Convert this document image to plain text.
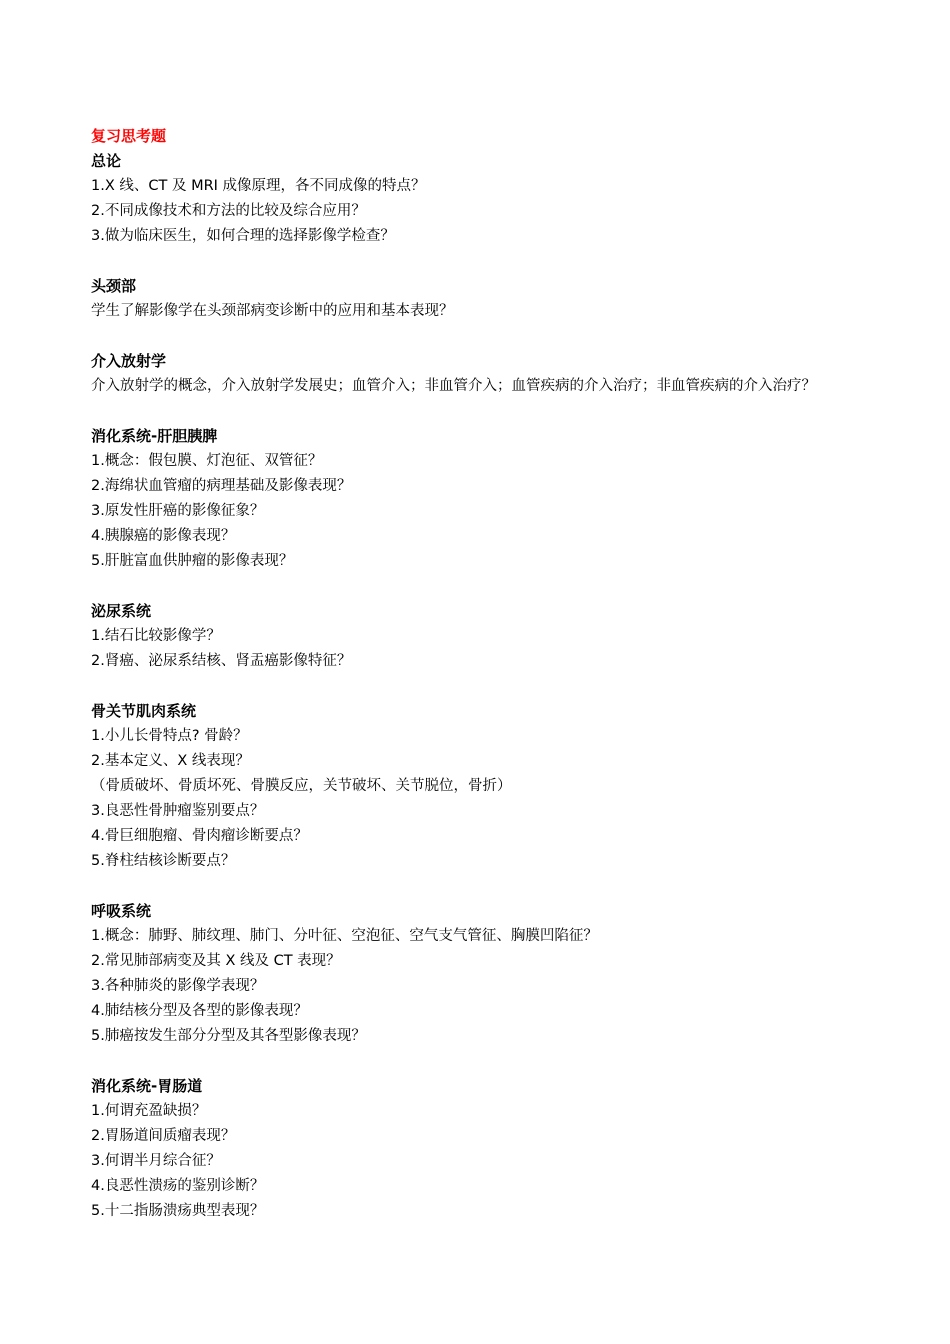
复习思考题
总论
1.X 线、CT 及 MRI 成像原理，各不同成像的特点？
2.不同成像技术和方法的比较及综合应用？
3.做为临床医生，如何合理的选择影像学检查？
头颈部
学生了解影像学在头颈部病变诊断中的应用和基本表现？
介入放射学
介入放射学的概念，介入放射学发展史；血管介入；非血管介入；血管疾病的介入治疗；非血管疾病的介入治疗？
消化系统-肝胆胰脾
1.概念：假包膜、灯泡征、双管征？
2.海绵状血管瘤的病理基础及影像表现？
3.原发性肝癌的影像征象？
4.胰腺癌的影像表现？
5.肝脏富血供肿瘤的影像表现？
泌尿系统
1.结石比较影像学？
2.肾癌、泌尿系结核、肾盂癌影像特征？
骨关节肌肉系统
1.小儿长骨特点? 骨龄？
2.基本定义、X 线表现？
（骨质破坏、骨质坏死、骨膜反应，关节破坏、关节脱位，骨折）
3.良恶性骨肿瘤鉴别要点？
4.骨巨细胞瘤、骨肉瘤诊断要点？
5.脊柱结核诊断要点？
呼吸系统
1.概念：肺野、肺纹理、肺门、分叶征、空泡征、空气支气管征、胸膜凹陷征？
2.常见肺部病变及其 X 线及 CT 表现？
3.各种肺炎的影像学表现？
4.肺结核分型及各型的影像表现？
5.肺癌按发生部分分型及其各型影像表现？
消化系统-胃肠道
1.何谓充盈缺损？
2.胃肠道间质瘤表现？
3.何谓半月综合征？
4.良恶性溃疡的鉴别诊断？
5.十二指肠溃疡典型表现？
